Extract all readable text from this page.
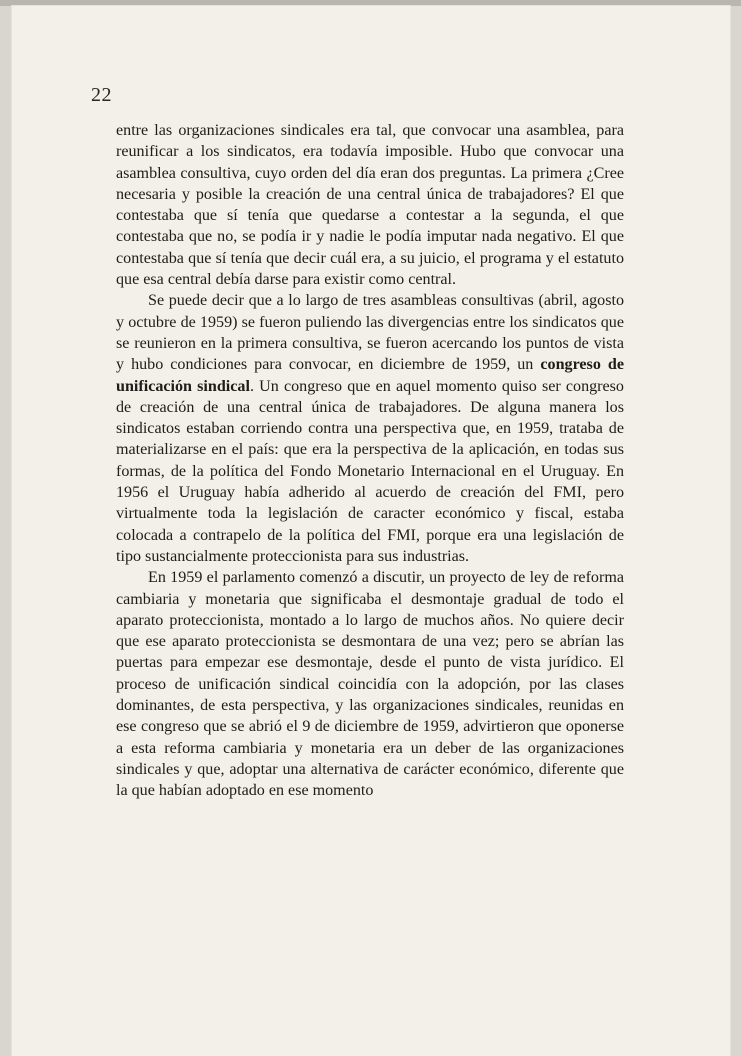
22

entre las organizaciones sindicales era tal, que convocar una asamblea, para reunificar a los sindicatos, era todavía imposible. Hubo que convocar una asamblea consultiva, cuyo orden del día eran dos preguntas. La primera ¿Cree necesaria y posible la creación de una central única de trabajadores? El que contestaba que sí tenía que quedarse a contestar a la segunda, el que contestaba que no, se podía ir y nadie le podía imputar nada negativo. El que contestaba que sí tenía que decir cuál era, a su juicio, el programa y el estatuto que esa central debía darse para existir como central.

Se puede decir que a lo largo de tres asambleas consultivas (abril, agosto y octubre de 1959) se fueron puliendo las divergencias entre los sindicatos que se reunieron en la primera consultiva, se fueron acercando los puntos de vista y hubo condiciones para convocar, en diciembre de 1959, un congreso de unificación sindical. Un congreso que en aquel momento quiso ser congreso de creación de una central única de trabajadores. De alguna manera los sindicatos estaban corriendo contra una perspectiva que, en 1959, trataba de materializarse en el país: que era la perspectiva de la aplicación, en todas sus formas, de la política del Fondo Monetario Internacional en el Uruguay. En 1956 el Uruguay había adherido al acuerdo de creación del FMI, pero virtualmente toda la legislación de caracter económico y fiscal, estaba colocada a contrapelo de la política del FMI, porque era una legislación de tipo sustancialmente proteccionista para sus industrias.

En 1959 el parlamento comenzó a discutir, un proyecto de ley de reforma cambiaria y monetaria que significaba el desmontaje gradual de todo el aparato proteccionista, montado a lo largo de muchos años. No quiere decir que ese aparato proteccionista se desmontara de una vez; pero se abrían las puertas para empezar ese desmontaje, desde el punto de vista jurídico. El proceso de unificación sindical coincidía con la adopción, por las clases dominantes, de esta perspectiva, y las organizaciones sindicales, reunidas en ese congreso que se abrió el 9 de diciembre de 1959, advirtieron que oponerse a esta reforma cambiaria y monetaria era un deber de las organizaciones sindicales y que, adoptar una alternativa de carácter económico, diferente que la que habían adoptado en ese momento
